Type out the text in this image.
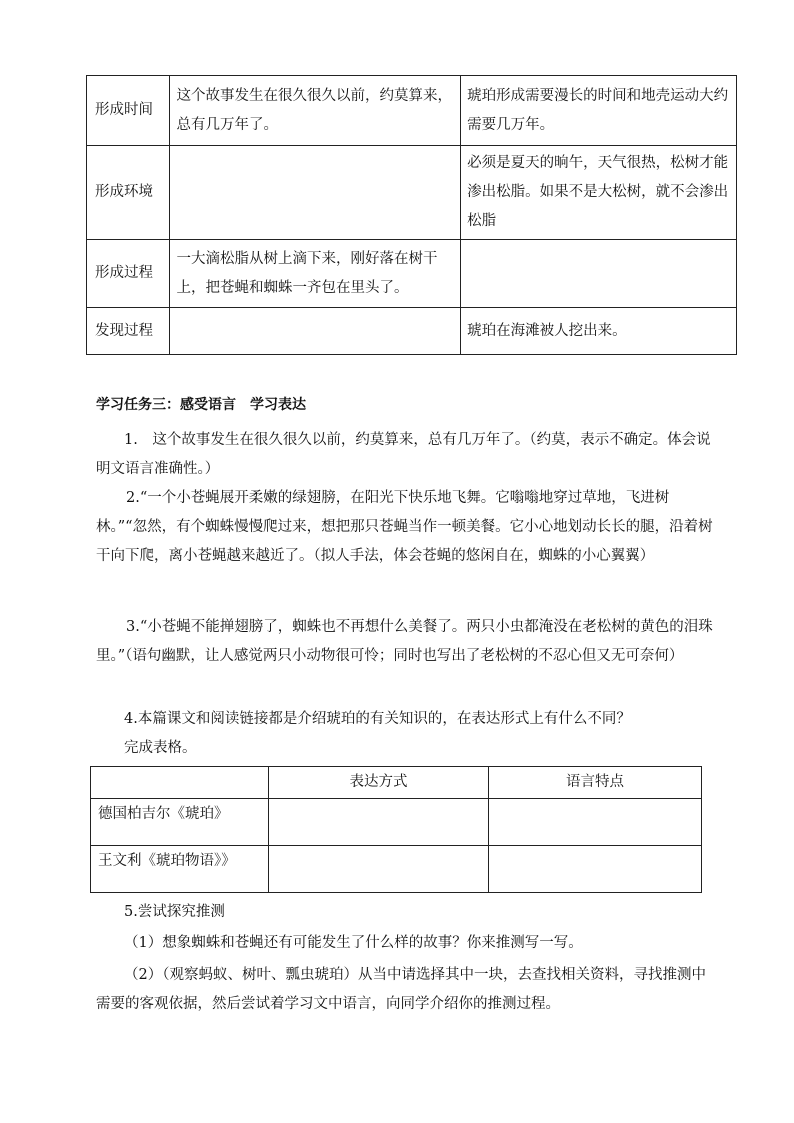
形成时间	这个故事发生在很久很久以前，约莫算来，总有几万年了。	琥珀形成需要漫长的时间和地壳运动大约需要几万年。
形成环境		必须是夏天的晌午，天气很热，松树才能渗出松脂。如果不是大松树，就不会渗出松脂
形成过程	一大滴松脂从树上滴下来，刚好落在树干上，把苍蝇和蜘蛛一齐包在里头了。	
发现过程		琥珀在海滩被人挖出来。
学习任务三：感受语言　学习表达

1.　这个故事发生在很久很久以前，约莫算来，总有几万年了。（约莫，表示不确定。体会说明文语言准确性。）

2.“一个小苍蝇展开柔嫩的绿翅膀，在阳光下快乐地飞舞。它嗡嗡地穿过草地，飞进树林。”“忽然，有个蜘蛛慢慢爬过来，想把那只苍蝇当作一顿美餐。它小心地划动长长的腿，沿着树干向下爬，离小苍蝇越来越近了。（拟人手法，体会苍蝇的悠闲自在，蜘蛛的小心翼翼）

3.“小苍蝇不能掸翅膀了，蜘蛛也不再想什么美餐了。两只小虫都淹没在老松树的黄色的泪珠里。”（语句幽默，让人感觉两只小动物很可怜；同时也写出了老松树的不忍心但又无可奈何）

4.本篇课文和阅读链接都是介绍琥珀的有关知识的，在表达形式上有什么不同？

完成表格。

	表达方式	语言特点
德国柏吉尔《琥珀》		
王文利《琥珀物语》》		

5.尝试探究推测

（1）想象蜘蛛和苍蝇还有可能发生了什么样的故事？你来推测写一写。

（2）（观察蚂蚁、树叶、瓢虫琥珀）从当中请选择其中一块，去查找相关资料，寻找推测中需要的客观依据，然后尝试着学习文中语言，向同学介绍你的推测过程。
